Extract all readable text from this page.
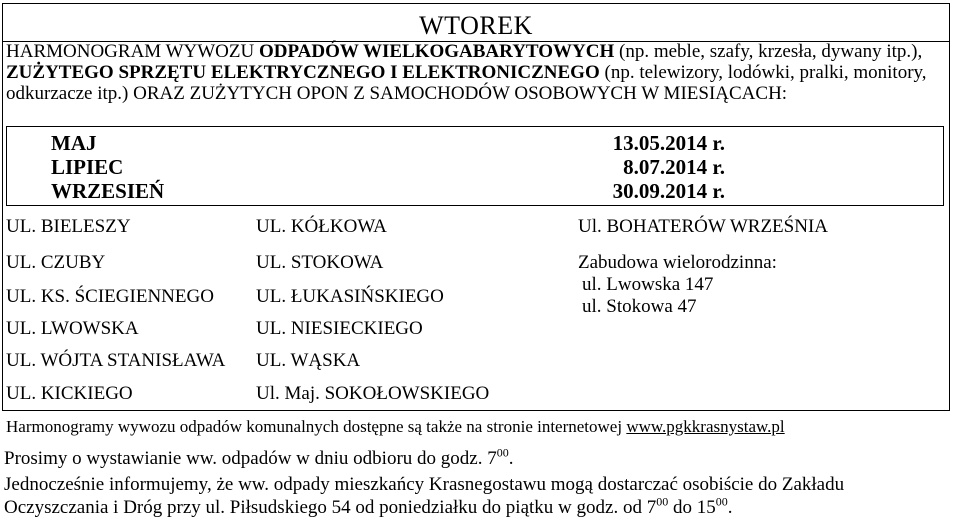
WTOREK
HARMONOGRAM WYWOZU ODPADÓW WIELKOGABARYTOWYCH (np. meble, szafy, krzesła, dywany itp.), ZUŻYTEGO SPRZĘTU ELEKTRYCZNEGO I ELEKTRONICZNEGO (np. telewizory, lodówki, pralki, monitory, odkurzacze itp.) ORAZ ZUŻYTYCH OPON Z SAMOCHODÓW OSOBOWYCH W MIESIĄCACH:
MAJ	13.05.2014 r.
LIPIEC	8.07.2014 r.
WRZESIEŃ	30.09.2014 r.
UL. BIELESZY
UL. CZUBY
UL. KS. ŚCIEGIENNEGO
UL. LWOWSKA
UL. WÓJTA STANISŁAWA
UL. KICKIEGO
UL. KÓŁKOWA
UL. STOKOWA
UL. ŁUKASIŃSKIEGO
UL. NIESIECKIEGO
UL. WĄSKA
Ul. Maj. SOKOŁOWSKIEGO
Ul. BOHATERÓW WRZEŚNIA
Zabudowa wielorodzinna:
ul. Lwowska 147
ul. Stokowa 47
Harmonogramy wywozu odpadów komunalnych dostępne są także na stronie internetowej www.pgkkrasnystaw.pl
Prosimy o wystawianie ww. odpadów w dniu odbioru do godz. $7^{00}$.
Jednocześnie informujemy, że ww. odpady mieszkańcy Krasnegostawu mogą dostarczać osobiście do Zakładu
Oczyszczania i Dróg przy ul. Piłsudskiego 54 od poniedziałku do piątku w godz. od $7^{00}$ do $15^{00}$.
